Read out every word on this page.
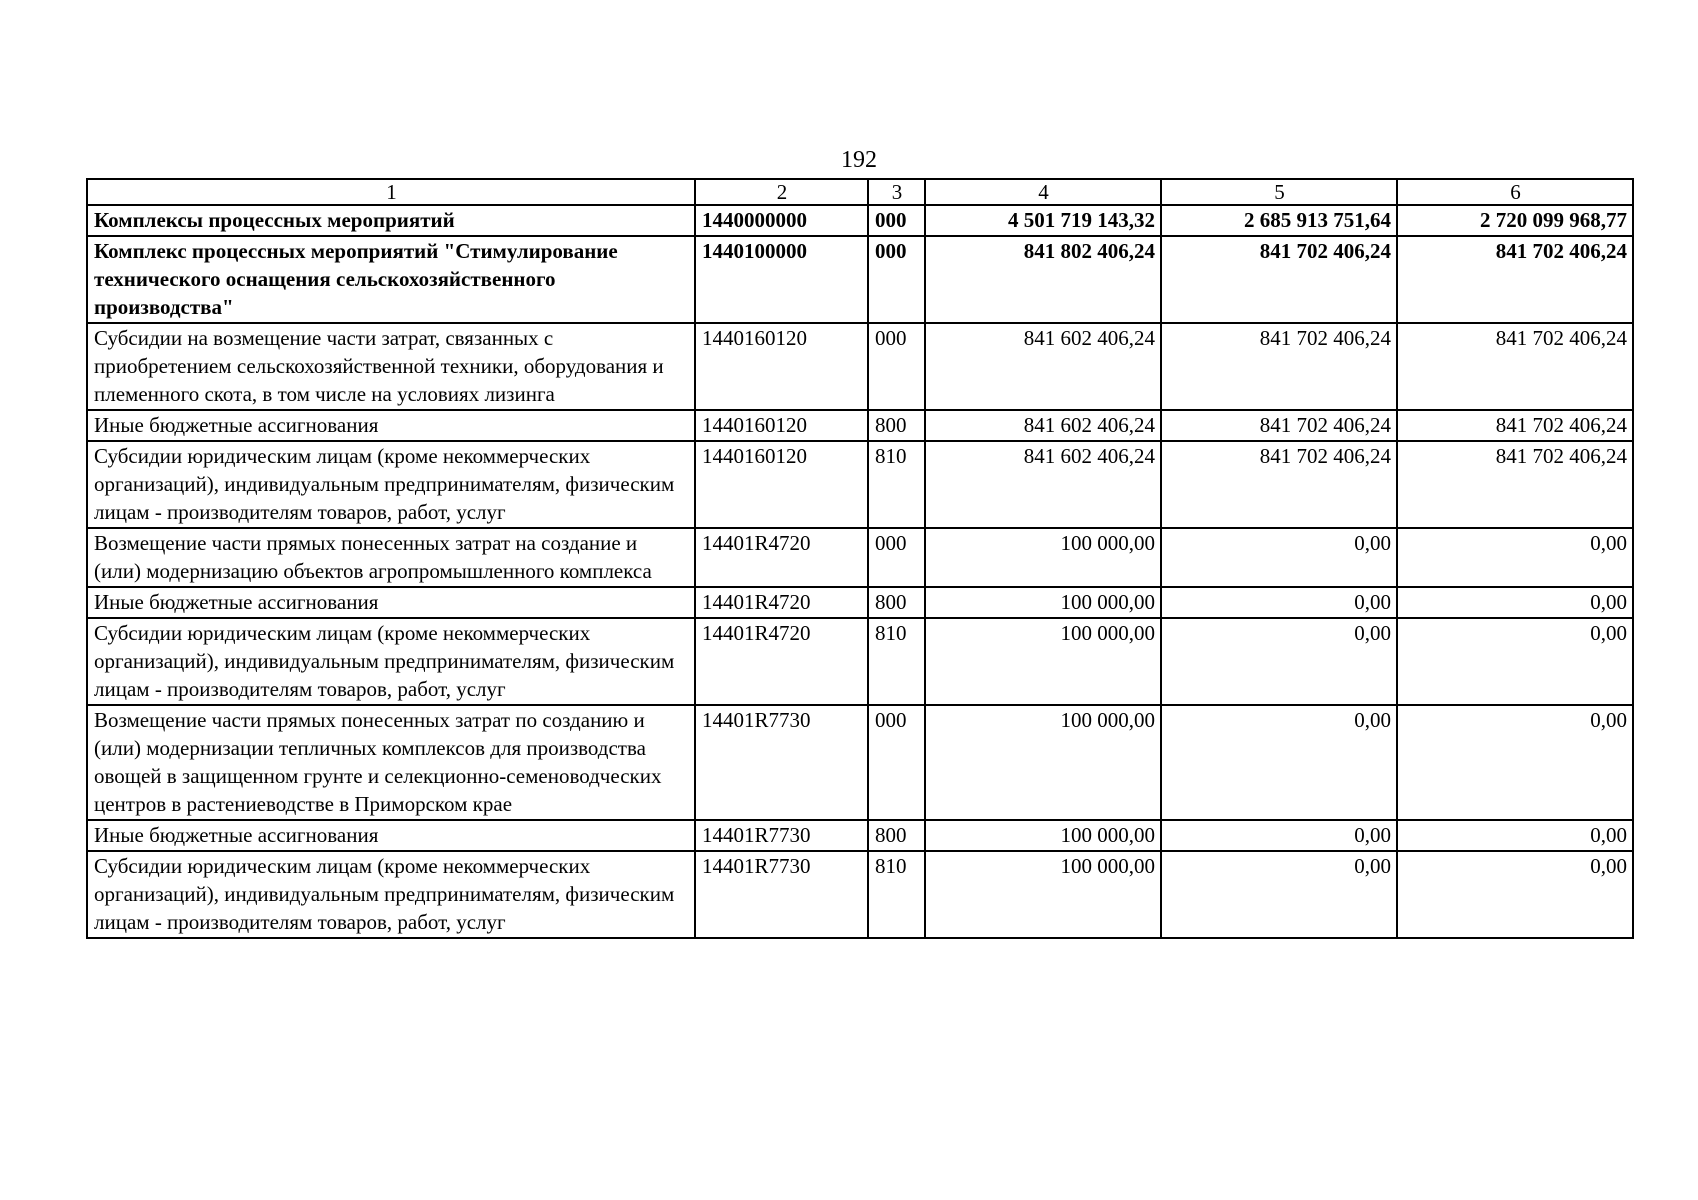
192
1	2	3	4	5	6
Комплексы процессных мероприятий	1440000000	000	4 501 719 143,32	2 685 913 751,64	2 720 099 968,77
Комплекс процессных мероприятий "Стимулирование технического оснащения сельскохозяйственного производства"	1440100000	000	841 802 406,24	841 702 406,24	841 702 406,24
Субсидии на возмещение части затрат, связанных с приобретением сельскохозяйственной техники, оборудования и племенного скота, в том числе на условиях лизинга	1440160120	000	841 602 406,24	841 702 406,24	841 702 406,24
Иные бюджетные ассигнования	1440160120	800	841 602 406,24	841 702 406,24	841 702 406,24
Субсидии юридическим лицам (кроме некоммерческих организаций), индивидуальным предпринимателям, физическим лицам - производителям товаров, работ, услуг	1440160120	810	841 602 406,24	841 702 406,24	841 702 406,24
Возмещение части прямых понесенных затрат на создание и (или) модернизацию объектов агропромышленного комплекса	14401R4720	000	100 000,00	0,00	0,00
Иные бюджетные ассигнования	14401R4720	800	100 000,00	0,00	0,00
Субсидии юридическим лицам (кроме некоммерческих организаций), индивидуальным предпринимателям, физическим лицам - производителям товаров, работ, услуг	14401R4720	810	100 000,00	0,00	0,00
Возмещение части прямых понесенных затрат по созданию и (или) модернизации тепличных комплексов для производства овощей в защищенном грунте и селекционно-семеноводческих центров в растениеводстве в Приморском крае	14401R7730	000	100 000,00	0,00	0,00
Иные бюджетные ассигнования	14401R7730	800	100 000,00	0,00	0,00
Субсидии юридическим лицам (кроме некоммерческих организаций), индивидуальным предпринимателям, физическим лицам - производителям товаров, работ, услуг	14401R7730	810	100 000,00	0,00	0,00
